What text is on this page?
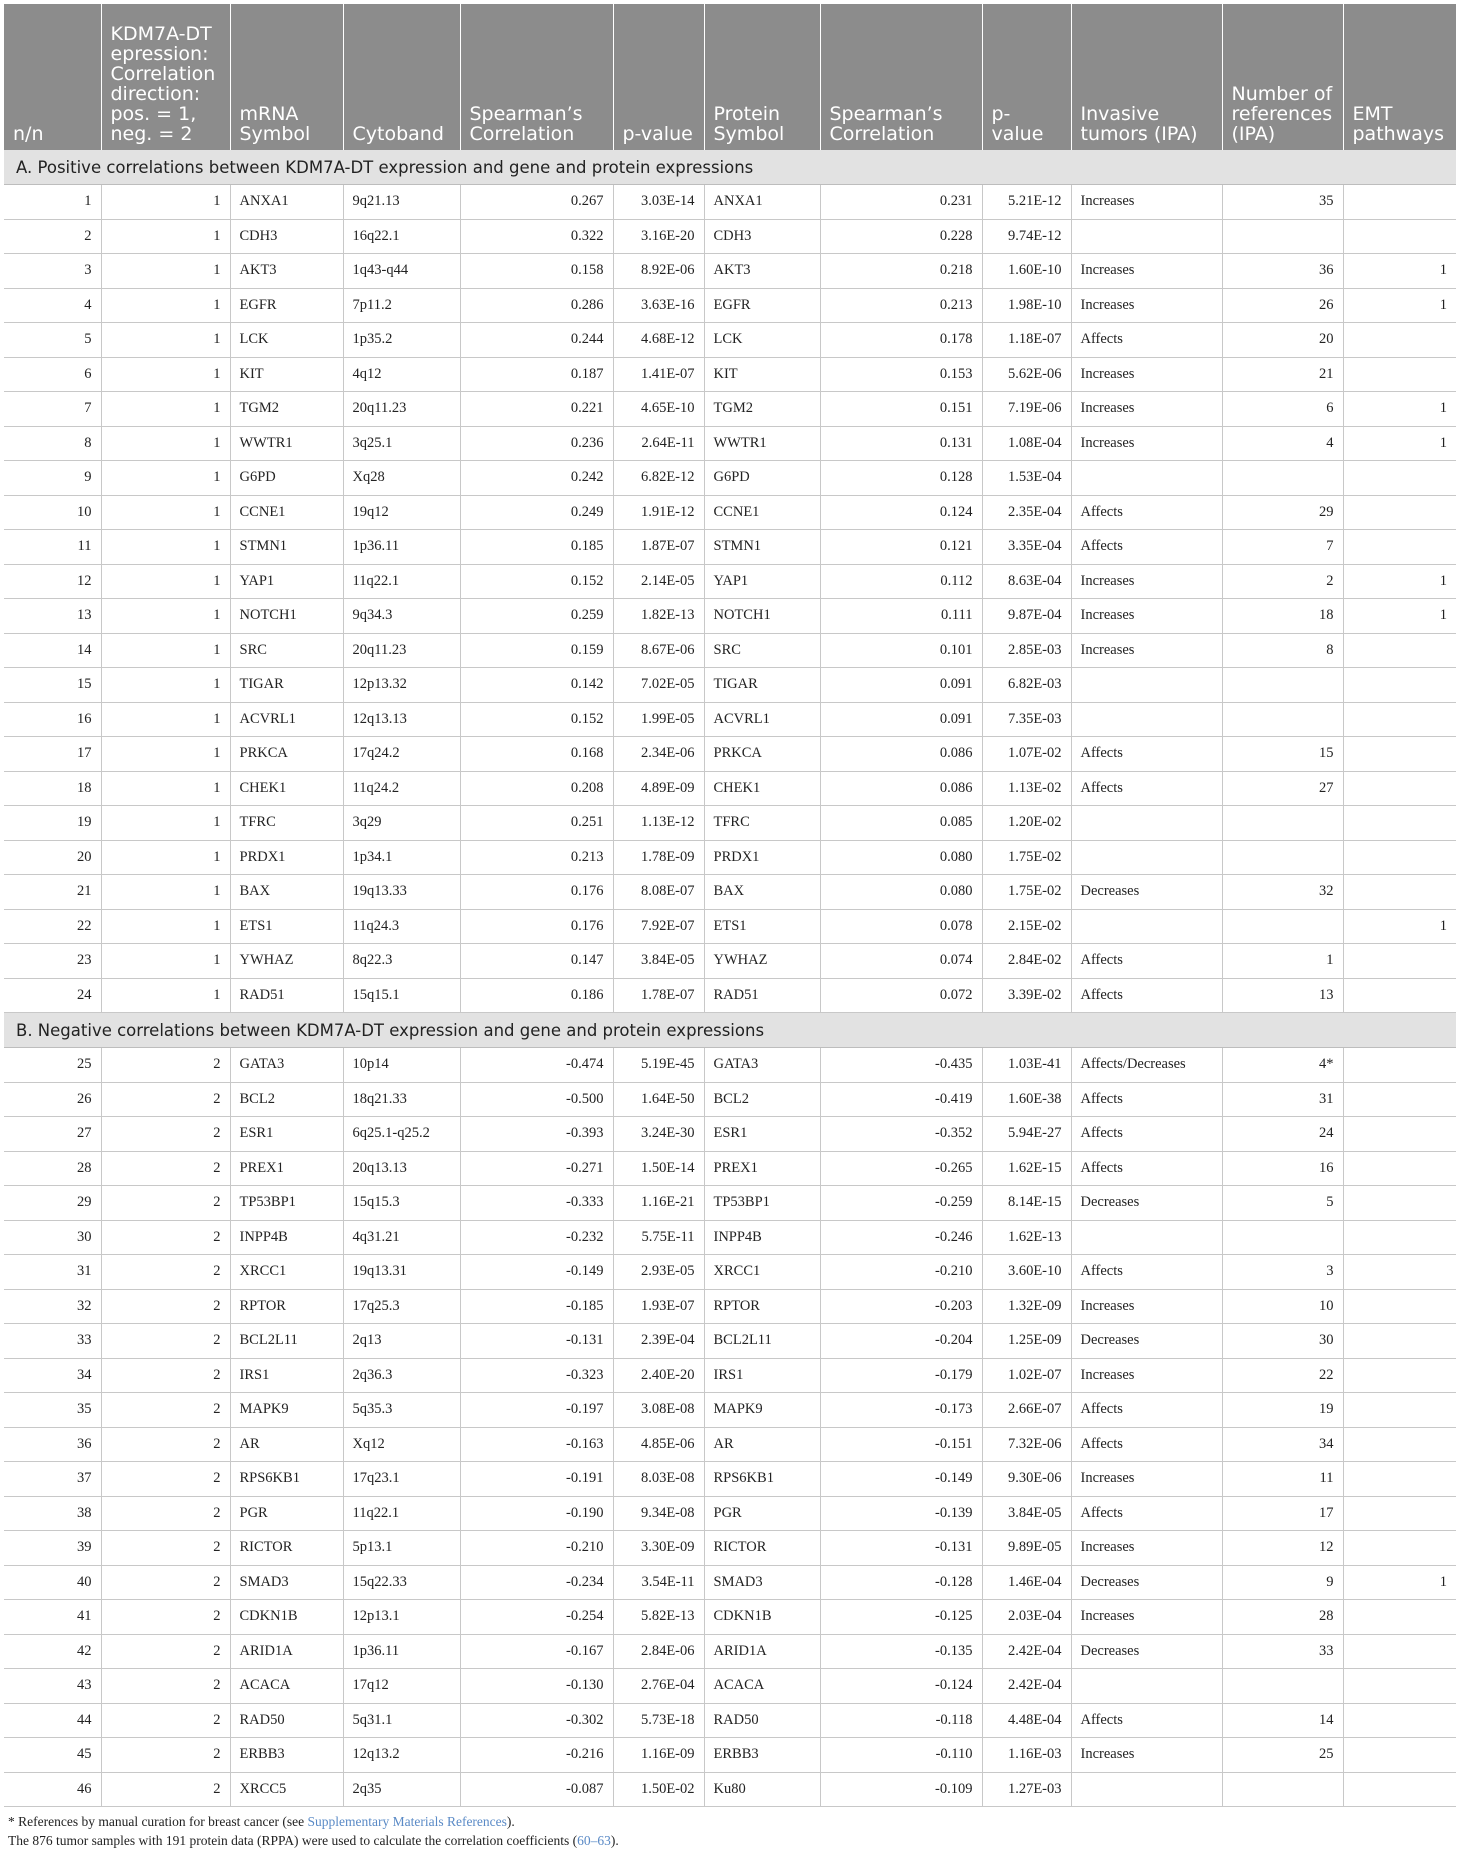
n/n	KDM7A-DT epression: Correlation direction: pos. = 1, neg. = 2	mRNA Symbol	Cytoband	Spearman’s Correlation	p-value	Protein Symbol	Spearman’s Correlation	p-value	Invasive tumors (IPA)	Number of references (IPA)	EMT pathways
A. Positive correlations between KDM7A-DT expression and gene and protein expressions											
1	1	ANXA1	9q21.13	0.267	3.03E-14	ANXA1	0.231	5.21E-12	Increases	35	
2	1	CDH3	16q22.1	0.322	3.16E-20	CDH3	0.228	9.74E-12			
3	1	AKT3	1q43-q44	0.158	8.92E-06	AKT3	0.218	1.60E-10	Increases	36	1
4	1	EGFR	7p11.2	0.286	3.63E-16	EGFR	0.213	1.98E-10	Increases	26	1
5	1	LCK	1p35.2	0.244	4.68E-12	LCK	0.178	1.18E-07	Affects	20	
6	1	KIT	4q12	0.187	1.41E-07	KIT	0.153	5.62E-06	Increases	21	
7	1	TGM2	20q11.23	0.221	4.65E-10	TGM2	0.151	7.19E-06	Increases	6	1
8	1	WWTR1	3q25.1	0.236	2.64E-11	WWTR1	0.131	1.08E-04	Increases	4	1
9	1	G6PD	Xq28	0.242	6.82E-12	G6PD	0.128	1.53E-04			
10	1	CCNE1	19q12	0.249	1.91E-12	CCNE1	0.124	2.35E-04	Affects	29	
11	1	STMN1	1p36.11	0.185	1.87E-07	STMN1	0.121	3.35E-04	Affects	7	
12	1	YAP1	11q22.1	0.152	2.14E-05	YAP1	0.112	8.63E-04	Increases	2	1
13	1	NOTCH1	9q34.3	0.259	1.82E-13	NOTCH1	0.111	9.87E-04	Increases	18	1
14	1	SRC	20q11.23	0.159	8.67E-06	SRC	0.101	2.85E-03	Increases	8	
15	1	TIGAR	12p13.32	0.142	7.02E-05	TIGAR	0.091	6.82E-03			
16	1	ACVRL1	12q13.13	0.152	1.99E-05	ACVRL1	0.091	7.35E-03			
17	1	PRKCA	17q24.2	0.168	2.34E-06	PRKCA	0.086	1.07E-02	Affects	15	
18	1	CHEK1	11q24.2	0.208	4.89E-09	CHEK1	0.086	1.13E-02	Affects	27	
19	1	TFRC	3q29	0.251	1.13E-12	TFRC	0.085	1.20E-02			
20	1	PRDX1	1p34.1	0.213	1.78E-09	PRDX1	0.080	1.75E-02			
21	1	BAX	19q13.33	0.176	8.08E-07	BAX	0.080	1.75E-02	Decreases	32	
22	1	ETS1	11q24.3	0.176	7.92E-07	ETS1	0.078	2.15E-02			1
23	1	YWHAZ	8q22.3	0.147	3.84E-05	YWHAZ	0.074	2.84E-02	Affects	1	
24	1	RAD51	15q15.1	0.186	1.78E-07	RAD51	0.072	3.39E-02	Affects	13	
B. Negative correlations between KDM7A-DT expression and gene and protein expressions											
25	2	GATA3	10p14	-0.474	5.19E-45	GATA3	-0.435	1.03E-41	Affects/Decreases	4*	
26	2	BCL2	18q21.33	-0.500	1.64E-50	BCL2	-0.419	1.60E-38	Affects	31	
27	2	ESR1	6q25.1-q25.2	-0.393	3.24E-30	ESR1	-0.352	5.94E-27	Affects	24	
28	2	PREX1	20q13.13	-0.271	1.50E-14	PREX1	-0.265	1.62E-15	Affects	16	
29	2	TP53BP1	15q15.3	-0.333	1.16E-21	TP53BP1	-0.259	8.14E-15	Decreases	5	
30	2	INPP4B	4q31.21	-0.232	5.75E-11	INPP4B	-0.246	1.62E-13			
31	2	XRCC1	19q13.31	-0.149	2.93E-05	XRCC1	-0.210	3.60E-10	Affects	3	
32	2	RPTOR	17q25.3	-0.185	1.93E-07	RPTOR	-0.203	1.32E-09	Increases	10	
33	2	BCL2L11	2q13	-0.131	2.39E-04	BCL2L11	-0.204	1.25E-09	Decreases	30	
34	2	IRS1	2q36.3	-0.323	2.40E-20	IRS1	-0.179	1.02E-07	Increases	22	
35	2	MAPK9	5q35.3	-0.197	3.08E-08	MAPK9	-0.173	2.66E-07	Affects	19	
36	2	AR	Xq12	-0.163	4.85E-06	AR	-0.151	7.32E-06	Affects	34	
37	2	RPS6KB1	17q23.1	-0.191	8.03E-08	RPS6KB1	-0.149	9.30E-06	Increases	11	
38	2	PGR	11q22.1	-0.190	9.34E-08	PGR	-0.139	3.84E-05	Affects	17	
39	2	RICTOR	5p13.1	-0.210	3.30E-09	RICTOR	-0.131	9.89E-05	Increases	12	
40	2	SMAD3	15q22.33	-0.234	3.54E-11	SMAD3	-0.128	1.46E-04	Decreases	9	1
41	2	CDKN1B	12p13.1	-0.254	5.82E-13	CDKN1B	-0.125	2.03E-04	Increases	28	
42	2	ARID1A	1p36.11	-0.167	2.84E-06	ARID1A	-0.135	2.42E-04	Decreases	33	
43	2	ACACA	17q12	-0.130	2.76E-04	ACACA	-0.124	2.42E-04			
44	2	RAD50	5q31.1	-0.302	5.73E-18	RAD50	-0.118	4.48E-04	Affects	14	
45	2	ERBB3	12q13.2	-0.216	1.16E-09	ERBB3	-0.110	1.16E-03	Increases	25	
46	2	XRCC5	2q35	-0.087	1.50E-02	Ku80	-0.109	1.27E-03			
* References by manual curation for breast cancer (see Supplementary Materials References).
The 876 tumor samples with 191 protein data (RPPA) were used to calculate the correlation coefficients (60–63).
